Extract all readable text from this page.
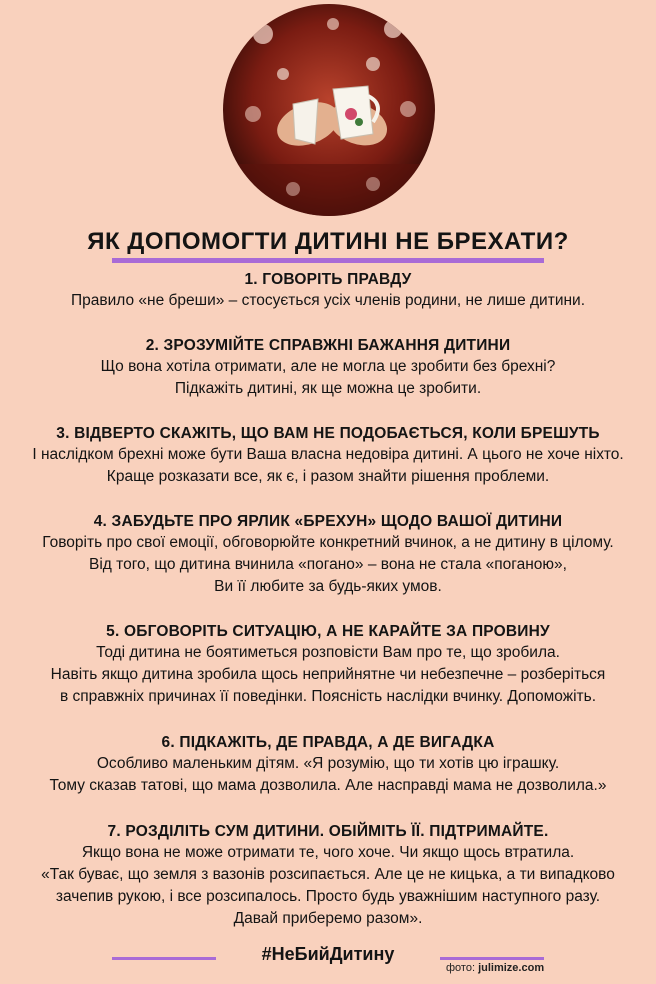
ЯК ДОПОМОГТИ ДИТИНІ НЕ БРЕХАТИ?
1. ГОВОРІТЬ ПРАВДУ
Правило «не бреши» – стосується усіх членів родини, не лише дитини.
2. ЗРОЗУМІЙТЕ СПРАВЖНІ БАЖАННЯ ДИТИНИ
Що вона хотіла отримати, але не могла це зробити без брехні?
Підкажіть дитині, як ще можна це зробити.
3. ВІДВЕРТО СКАЖІТЬ, ЩО ВАМ НЕ ПОДОБАЄТЬСЯ, КОЛИ БРЕШУТЬ
І наслідком брехні може бути Ваша власна недовіра дитині. А цього не хоче ніхто.
Краще розказати все, як є, і разом знайти рішення проблеми.
4. ЗАБУДЬТЕ ПРО ЯРЛИК «БРЕХУН» ЩОДО ВАШОЇ ДИТИНИ
Говоріть про свої емоції, обговорюйте конкретний вчинок, а не дитину в цілому.
Від того, що дитина вчинила «погано» – вона не стала «поганою»,
Ви її любите за будь-яких умов.
5. ОБГОВОРІТЬ СИТУАЦІЮ, А НЕ КАРАЙТЕ ЗА ПРОВИНУ
Тоді дитина не боятиметься розповісти Вам про те, що зробила.
Навіть якщо дитина зробила щось неприйнятне чи небезпечне – розберіться
в справжніх причинах її поведінки. Поясність наслідки вчинку. Допоможіть.
6. ПІДКАЖІТЬ, ДЕ ПРАВДА, А ДЕ ВИГАДКА
Особливо маленьким дітям. «Я розумію, що ти хотів цю іграшку.
Тому сказав татові, що мама дозволила. Але насправді мама не дозволила.»
7. РОЗДІЛІТЬ СУМ ДИТИНИ. ОБІЙМІТЬ ЇЇ. ПІДТРИМАЙТЕ.
Якщо вона не може отримати те, чого хоче. Чи якщо щось втратила.
«Так буває, що земля з вазонів розсипається. Але це не кицька, а ти випадково
зачепив рукою, і все розсипалось. Просто будь уважнішим наступного разу.
Давай приберемо разом».
#НеБийДитину
фото: julimize.com
